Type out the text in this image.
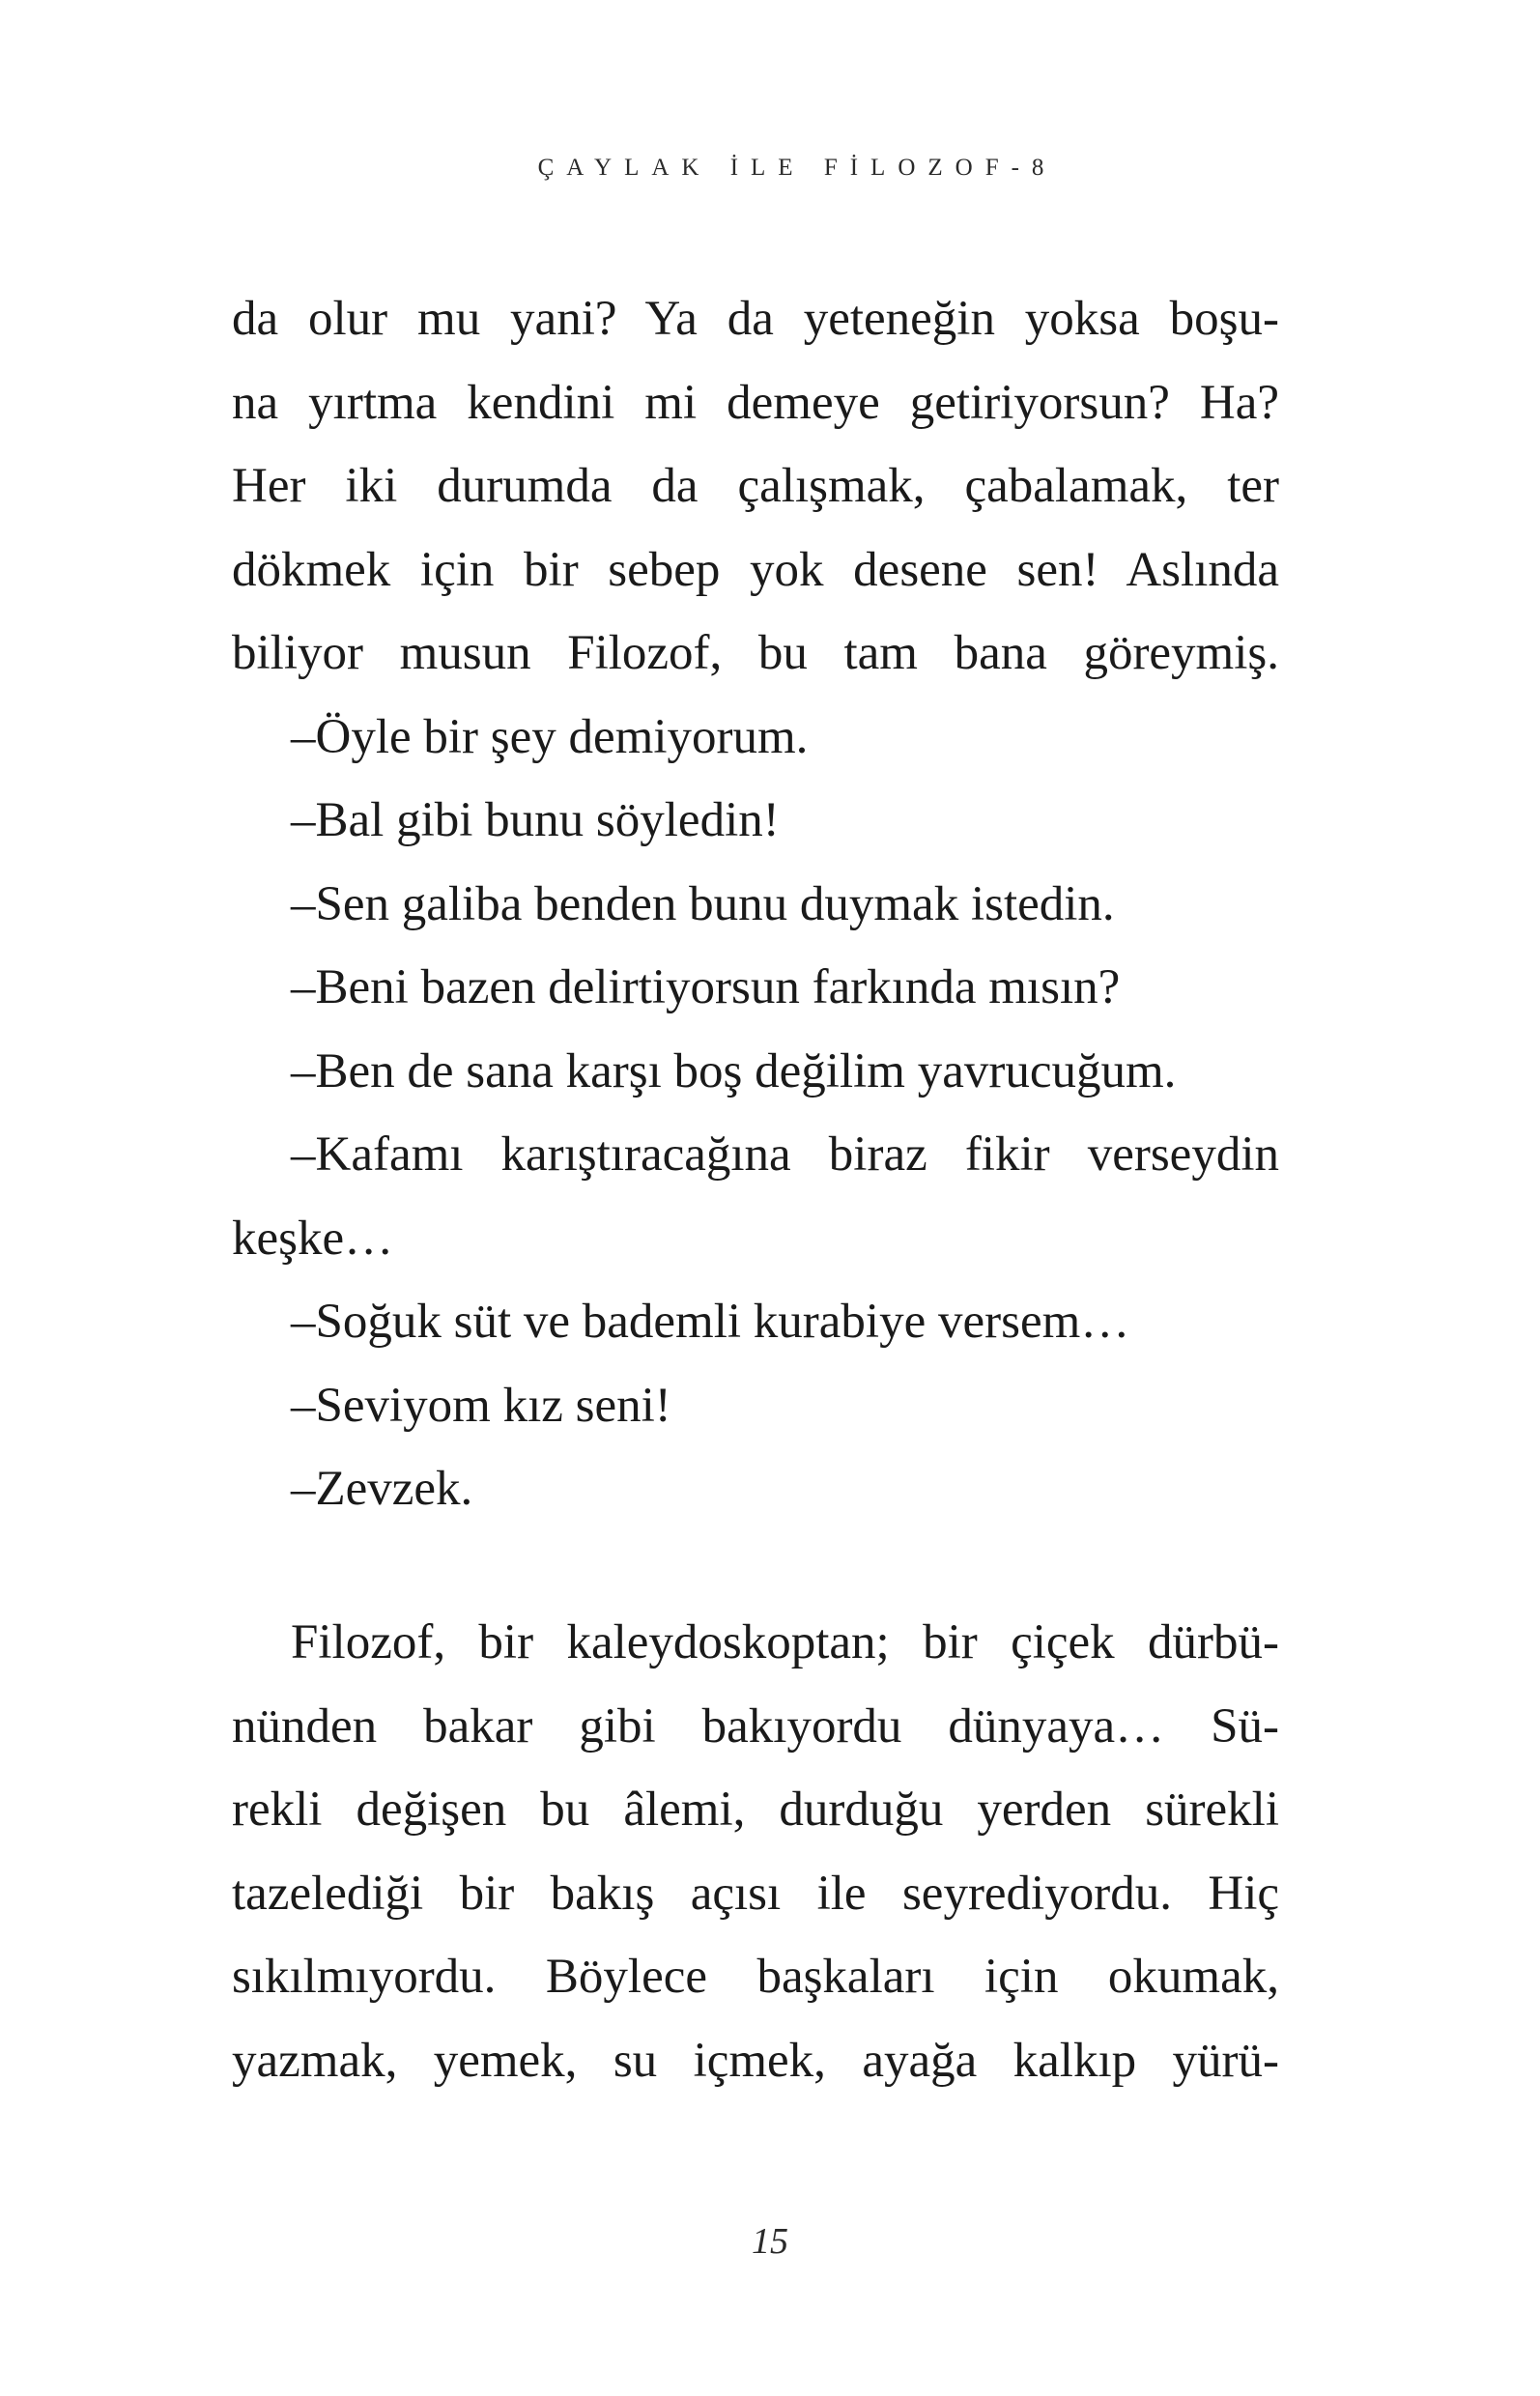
ÇAYLAK İLE FİLOZOF-8
da olur mu yani? Ya da yeteneğin yoksa boşu-
na yırtma kendini mi demeye getiriyorsun? Ha?
Her iki durumda da çalışmak, çabalamak, ter
dökmek için bir sebep yok desene sen! Aslında
biliyor musun Filozof, bu tam bana göreymiş.
–Öyle bir şey demiyorum.
–Bal gibi bunu söyledin!
–Sen galiba benden bunu duymak istedin.
–Beni bazen delirtiyorsun farkında mısın?
–Ben de sana karşı boş değilim yavrucuğum.
–Kafamı karıştıracağına biraz fikir verseydin
keşke…
–Soğuk süt ve bademli kurabiye versem…
–Seviyom kız seni!
–Zevzek.
Filozof, bir kaleydoskoptan; bir çiçek dürbü-
nünden bakar gibi bakıyordu dünyaya… Sü-
rekli değişen bu âlemi, durduğu yerden sürekli
tazelediği bir bakış açısı ile seyrediyordu. Hiç
sıkılmıyordu. Böylece başkaları için okumak,
yazmak, yemek, su içmek, ayağa kalkıp yürü-
15
